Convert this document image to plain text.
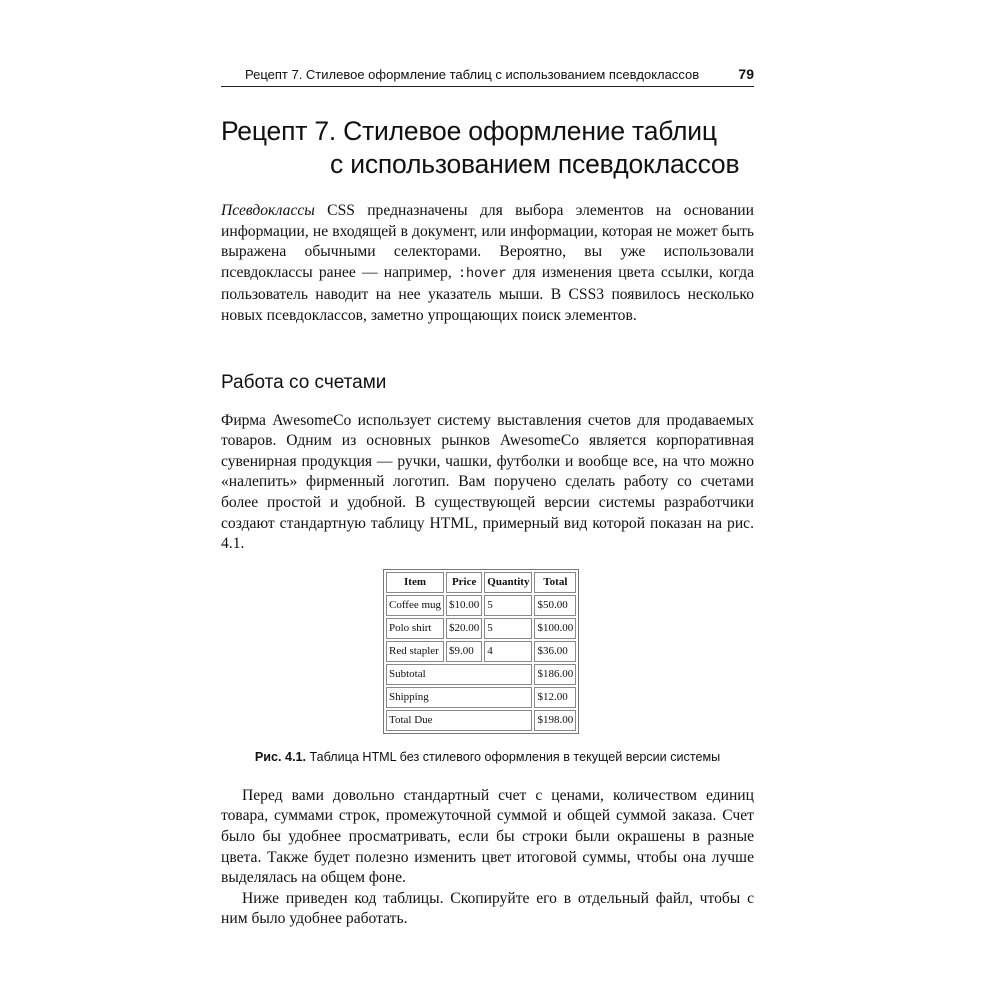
Рецепт 7. Стилевое оформление таблиц с использованием псевдоклассов	79
Рецепт 7. Стилевое оформление таблиц
с использованием псевдоклассов

Псевдоклассы CSS предназначены для выбора элементов на основании информации, не входящей в документ, или информации, которая не может быть выражена обычными селекторами. Вероятно, вы уже использовали псевдоклассы ранее — например, :hover для изменения цвета ссылки, когда пользователь наводит на нее указатель мыши. В CSS3 появилось несколько новых псевдоклассов, заметно упрощающих поиск элементов.

Работа со счетами

Фирма AwesomeCo использует систему выставления счетов для продаваемых товаров. Одним из основных рынков AwesomeCo является корпоративная сувенирная продукция — ручки, чашки, футболки и вообще все, на что можно «налепить» фирменный логотип. Вам поручено сделать работу со счетами более простой и удобной. В существующей версии системы разработчики создают стандартную таблицу HTML, примерный вид которой показан на рис. 4.1.

Item	Price	Quantity	Total
Coffee mug	$10.00	5	$50.00
Polo shirt	$20.00	5	$100.00
Red stapler	$9.00	4	$36.00
Subtotal			$186.00
Shipping			$12.00
Total Due			$198.00
Рис. 4.1. Таблица HTML без стилевого оформления в текущей версии системы

Перед вами довольно стандартный счет с ценами, количеством единиц товара, суммами строк, промежуточной суммой и общей суммой заказа. Счет было бы удобнее просматривать, если бы строки были окрашены в разные цвета. Также будет полезно изменить цвет итоговой суммы, чтобы она лучше выделялась на общем фоне.

Ниже приведен код таблицы. Скопируйте его в отдельный файл, чтобы с ним было удобнее работать.
